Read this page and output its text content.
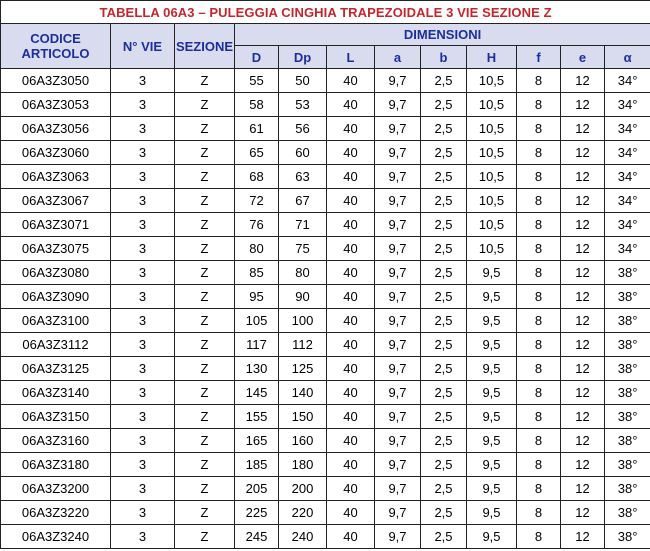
TABELLA 06A3 – PULEGGIA CINGHIA TRAPEZOIDALE 3 VIE SEZIONE Z											

CODICE
ARTICOLO	N° VIE	SEZIONE	DIMENSIONI								
			D	Dp	L	a	b	H	f	e	α
06A3Z3050	3	Z	55	50	40	9,7	2,5	10,5	8	12	34°
06A3Z3053	3	Z	58	53	40	9,7	2,5	10,5	8	12	34°
06A3Z3056	3	Z	61	56	40	9,7	2,5	10,5	8	12	34°
06A3Z3060	3	Z	65	60	40	9,7	2,5	10,5	8	12	34°
06A3Z3063	3	Z	68	63	40	9,7	2,5	10,5	8	12	34°
06A3Z3067	3	Z	72	67	40	9,7	2,5	10,5	8	12	34°
06A3Z3071	3	Z	76	71	40	9,7	2,5	10,5	8	12	34°
06A3Z3075	3	Z	80	75	40	9,7	2,5	10,5	8	12	34°
06A3Z3080	3	Z	85	80	40	9,7	2,5	9,5	8	12	38°
06A3Z3090	3	Z	95	90	40	9,7	2,5	9,5	8	12	38°
06A3Z3100	3	Z	105	100	40	9,7	2,5	9,5	8	12	38°
06A3Z3112	3	Z	117	112	40	9,7	2,5	9,5	8	12	38°
06A3Z3125	3	Z	130	125	40	9,7	2,5	9,5	8	12	38°
06A3Z3140	3	Z	145	140	40	9,7	2,5	9,5	8	12	38°
06A3Z3150	3	Z	155	150	40	9,7	2,5	9,5	8	12	38°
06A3Z3160	3	Z	165	160	40	9,7	2,5	9,5	8	12	38°
06A3Z3180	3	Z	185	180	40	9,7	2,5	9,5	8	12	38°
06A3Z3200	3	Z	205	200	40	9,7	2,5	9,5	8	12	38°
06A3Z3220	3	Z	225	220	40	9,7	2,5	9,5	8	12	38°
06A3Z3240	3	Z	245	240	40	9,7	2,5	9,5	8	12	38°
